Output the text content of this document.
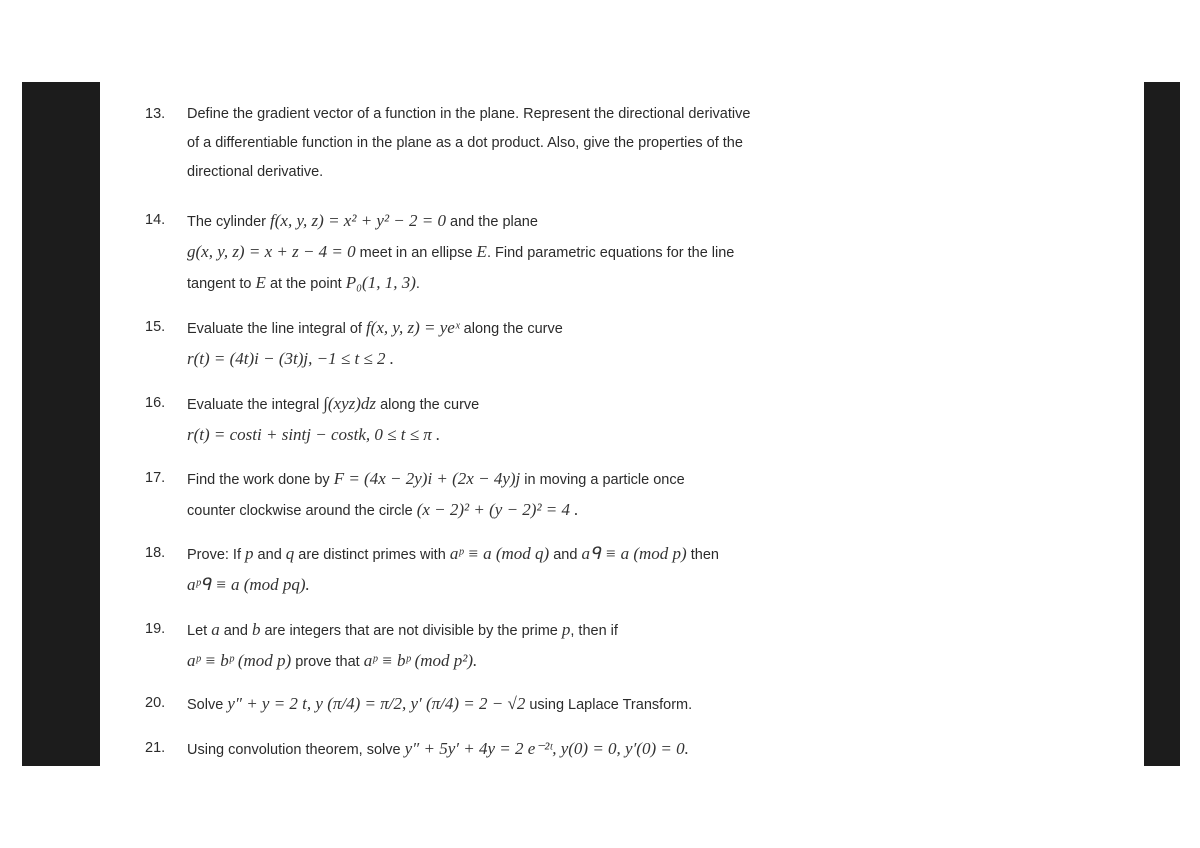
13.	Define the gradient vector of a function in the plane. Represent the directional derivative
of a differentiable function in the plane as a dot product. Also, give the properties of the
directional derivative.
14.	The cylinder f(x, y, z) = x² + y² − 2 = 0 and the plane
g(x, y, z) = x + z − 4 = 0 meet in an ellipse E. Find parametric equations for the line
tangent to E at the point P₀(1, 1, 3).
15.	Evaluate the line integral of f(x, y, z) = yeˣ along the curve
r(t) = (4t)i − (3t)j, −1 ≤ t ≤ 2 .
16.	Evaluate the integral ∫(xyz)dz along the curve
r(t) = costi + sintj − costk, 0 ≤ t ≤ π .
17.	Find the work done by F = (4x − 2y)i + (2x − 4y)j in moving a particle once
counter clockwise around the circle (x − 2)² + (y − 2)² = 4 .
18.	Prove: If p and q are distinct primes with aᵖ ≡ a (mod q) and aᑫ ≡ a (mod p) then
aᵖᑫ ≡ a (mod pq).
19.	Let a and b are integers that are not divisible by the prime p, then if
aᵖ ≡ bᵖ (mod p) prove that aᵖ ≡ bᵖ (mod p²).
20.	Solve y″ + y = 2 t, y (π/4) = π/2, y′ (π/4) = 2 − √2 using Laplace Transform.
21.	Using convolution theorem, solve y″ + 5y′ + 4y = 2 e⁻²ᵗ, y(0) = 0, y′(0) = 0.
